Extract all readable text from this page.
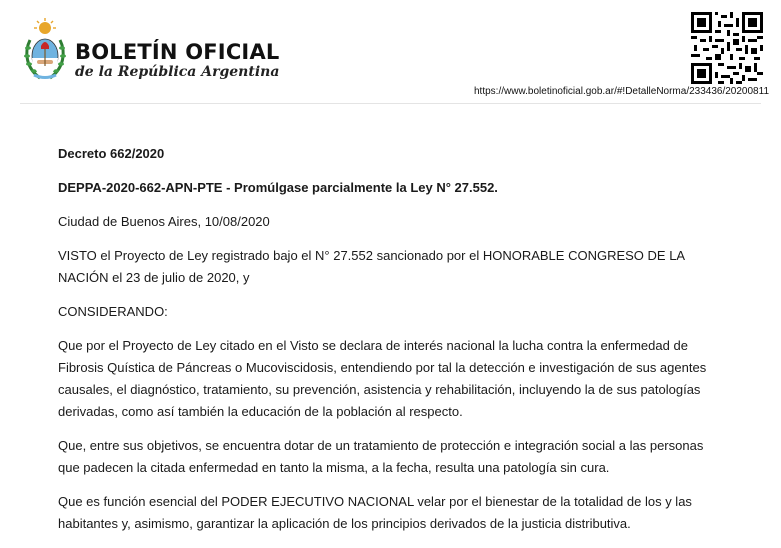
BOLETÍN OFICIAL
de la República Argentina
https://www.boletinoficial.gob.ar/#!DetalleNorma/233436/20200811

Decreto 662/2020

DEPPA-2020-662-APN-PTE - Promúlgase parcialmente la Ley N° 27.552.

Ciudad de Buenos Aires, 10/08/2020

VISTO el Proyecto de Ley registrado bajo el N° 27.552 sancionado por el HONORABLE CONGRESO DE LA NACIÓN el 23 de julio de 2020, y

CONSIDERANDO:

Que por el Proyecto de Ley citado en el Visto se declara de interés nacional la lucha contra la enfermedad de Fibrosis Quística de Páncreas o Mucoviscidosis, entendiendo por tal la detección e investigación de sus agentes causales, el diagnóstico, tratamiento, su prevención, asistencia y rehabilitación, incluyendo la de sus patologías derivadas, como así también la educación de la población al respecto.

Que, entre sus objetivos, se encuentra dotar de un tratamiento de protección e integración social a las personas que padecen la citada enfermedad en tanto la misma, a la fecha, resulta una patología sin cura.

Que es función esencial del PODER EJECUTIVO NACIONAL velar por el bienestar de la totalidad de los y las habitantes y, asimismo, garantizar la aplicación de los principios derivados de la justicia distributiva.
